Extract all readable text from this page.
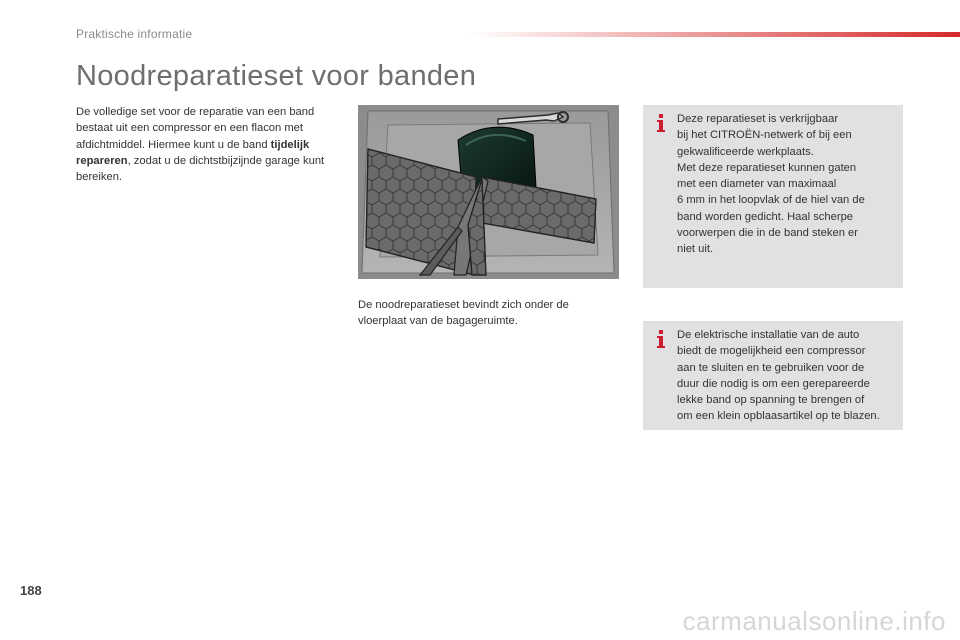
Praktische informatie
Noodreparatieset voor banden

De volledige set voor de reparatie van een band bestaat uit een compressor en een flacon met afdichtmiddel. Hiermee kunt u de band tijdelijk repareren, zodat u de dichtstbijzijnde garage kunt bereiken.

De noodreparatieset bevindt zich onder de vloerplaat van de bagageruimte.

Deze reparatieset is verkrijgbaar
bij het CITROËN-netwerk of bij een
gekwalificeerde werkplaats.
Met deze reparatieset kunnen gaten
met een diameter van maximaal
6 mm in het loopvlak of de hiel van de
band worden gedicht. Haal scherpe
voorwerpen die in de band steken er
niet uit.

De elektrische installatie van de auto
biedt de mogelijkheid een compressor
aan te sluiten en te gebruiken voor de
duur die nodig is om een gerepareerde
lekke band op spanning te brengen of
om een klein opblaasartikel op te blazen.

188
carmanualsonline.info
